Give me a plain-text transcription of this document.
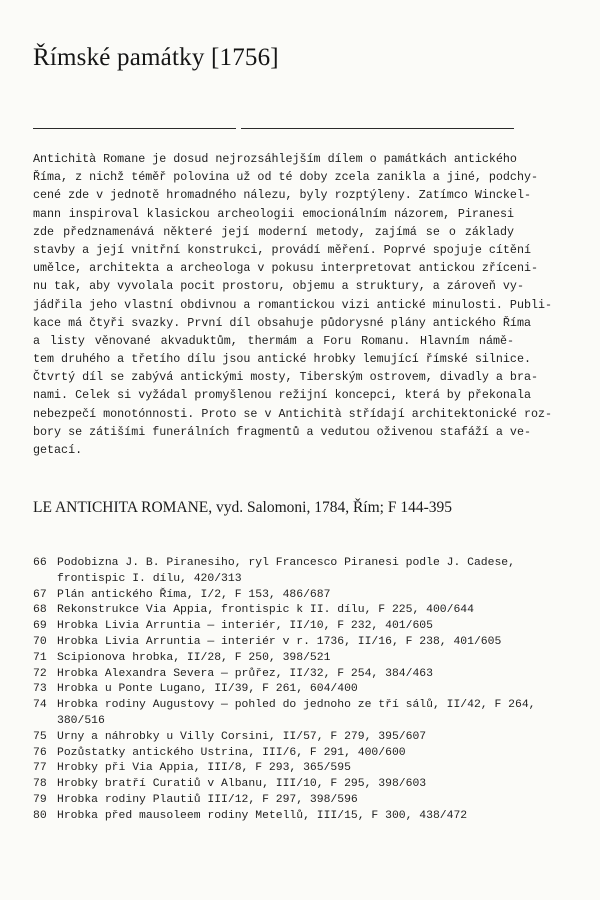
Římské památky [1756]
Antichità Romane je dosud nejrozsáhlejším dílem o památkách antického
Říma, z nichž téměř polovina už od té doby zcela zanikla a jiné, podchy-
cené zde v jednotě hromadného nálezu, byly rozptýleny. Zatímco Winckel-
mann inspiroval klasickou archeologii emocionálním názorem, Piranesi
zde předznamenává některé její moderní metody, zajímá se o základy
stavby a její vnitřní konstrukci, provádí měření. Poprvé spojuje cítění
umělce, architekta a archeologa v pokusu interpretovat antickou zříceni-
nu tak, aby vyvolala pocit prostoru, objemu a struktury, a zároveň vy-
jádřila jeho vlastní obdivnou a romantickou vizi antické minulosti. Publi-
kace má čtyři svazky. První díl obsahuje půdorysné plány antického Říma
a listy věnované akvaduktům, thermám a Foru Romanu. Hlavním námě-
tem druhého a třetího dílu jsou antické hrobky lemující římské silnice.
Čtvrtý díl se zabývá antickými mosty, Tiberským ostrovem, divadly a bra-
nami. Celek si vyžádal promyšlenou režijní koncepci, která by překonala
nebezpečí monotónnosti. Proto se v Antichità střídají architektonické roz-
bory se zátišími funerálních fragmentů a vedutou oživenou stafáží a ve-
getací.
LE ANTICHITA ROMANE, vyd. Salomoni, 1784, Řím; F 144-395
66 Podobizna J. B. Piranesiho, ryl Francesco Piranesi podle J. Cadese,
frontispic I. dílu, 420/313
67 Plán antického Říma, I/2, F 153, 486/687
68 Rekonstrukce Via Appia, frontispic k II. dílu, F 225, 400/644
69 Hrobka Livia Arruntia — interiér, II/10, F 232, 401/605
70 Hrobka Livia Arruntia — interiér v r. 1736, II/16, F 238, 401/605
71 Scipionova hrobka, II/28, F 250, 398/521
72 Hrobka Alexandra Severa — průřez, II/32, F 254, 384/463
73 Hrobka u Ponte Lugano, II/39, F 261, 604/400
74 Hrobka rodiny Augustovy — pohled do jednoho ze tří sálů, II/42, F 264,
380/516
75 Urny a náhrobky u Villy Corsini, II/57, F 279, 395/607
76 Pozůstatky antického Ustrina, III/6, F 291, 400/600
77 Hrobky při Via Appia, III/8, F 293, 365/595
78 Hrobky bratří Curatiů v Albanu, III/10, F 295, 398/603
79 Hrobka rodiny Plautiů III/12, F 297, 398/596
80 Hrobka před mausoleem rodiny Metellů, III/15, F 300, 438/472
